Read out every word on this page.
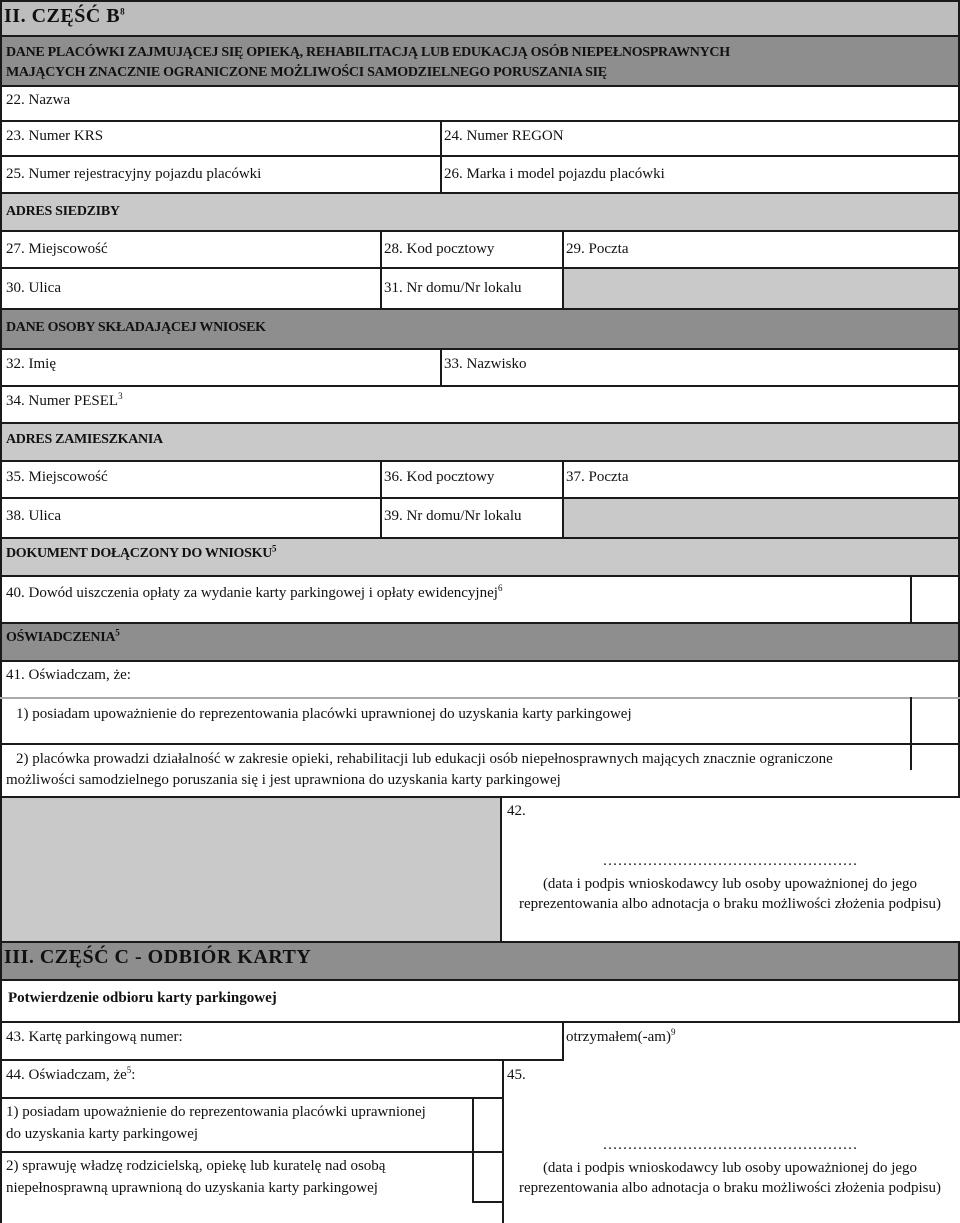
II. CZĘŚĆ $B^8$
DANE PLACÓWKI ZAJMUJĄCEJ SIĘ OPIEKĄ, REHABILITACJĄ LUB EDUKACJĄ OSÓB NIEPEŁNOSPRAWNYCH
MAJĄCYCH ZNACZNIE OGRANICZONE MOŻLIWOŚCI SAMODZIELNEGO PORUSZANIA SIĘ
22. Nazwa
23. Numer KRS	24. Numer REGON
25. Numer rejestracyjny pojazdu placówki	26. Marka i model pojazdu placówki
ADRES SIEDZIBY
27. Miejscowość	28. Kod pocztowy	29. Poczta
30. Ulica	31. Nr domu/Nr lokalu
DANE OSOBY SKŁADAJĄCEJ WNIOSEK
32. Imię	33. Nazwisko
34. Numer PESEL$^3$
ADRES ZAMIESZKANIA
35. Miejscowość	36. Kod pocztowy	37. Poczta
38. Ulica	39. Nr domu/Nr lokalu
DOKUMENT DOŁĄCZONY DO WNIOSKU$^5$
40. Dowód uiszczenia opłaty za wydanie karty parkingowej i opłaty ewidencyjnej$^6$
OŚWIADCZENIA$^5$
41. Oświadczam, że:
1) posiadam upoważnienie do reprezentowania placówki uprawnionej do uzyskania karty parkingowej
2) placówka prowadzi działalność w zakresie opieki, rehabilitacji lub edukacji osób niepełnosprawnych mających znacznie ograniczone
możliwości samodzielnego poruszania się i jest uprawniona do uzyskania karty parkingowej
42.
……………………………………………
(data i podpis wnioskodawcy lub osoby upoważnionej do jego reprezentowania albo adnotacja o braku możliwości złożenia podpisu)
III. CZĘŚĆ C - ODBIÓR KARTY
Potwierdzenie odbioru karty parkingowej
43. Kartę parkingową numer:	$otrzymałem(-am)^9$
44. Oświadczam, $że^5$:	45.
1) posiadam upoważnienie do reprezentowania placówki uprawnionej
do uzyskania karty parkingowej
2) sprawuję władzę rodzicielską, opiekę lub kuratelę nad osobą
niepełnosprawną uprawnioną do uzyskania karty parkingowej
……………………………………………
(data i podpis wnioskodawcy lub osoby upoważnionej do jego reprezentowania albo adnotacja o braku możliwości złożenia podpisu)
